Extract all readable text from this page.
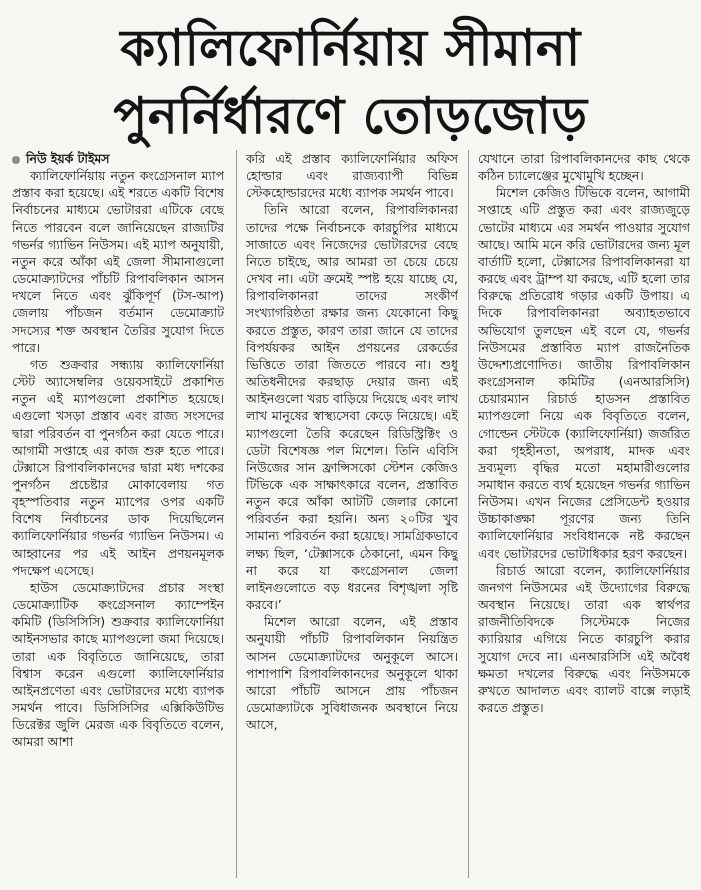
ক্যালিফোর্নিয়ায় সীমানা
পুনর্নির্ধারণে তোড়জোড়
নিউ ইয়র্ক টাইমস

ক্যালিফোর্নিয়ায় নতুন কংগ্রেসনাল ম্যাপ প্রস্তাব করা হয়েছে। এই শরতে একটি বিশেষ নির্বাচনের মাধ্যমে ভোটাররা এটিকে বেছে নিতে পারবেন বলে জানিয়েছেন রাজ্যটির গভর্নর গ্যাভিন নিউসম। এই ম্যাপ অনুযায়ী, নতুন করে আঁকা এই জেলা সীমানাগুলো ডেমোক্র্যাটদের পাঁচটি রিপাবলিকান আসন দখলে নিতে এবং ঝুঁকিপূর্ণ (টস-আপ) জেলায় পাঁচজন বর্তমান ডেমোক্র্যাট সদস্যের শক্ত অবস্থান তৈরির সুযোগ দিতে পারে।

গত শুক্রবার সন্ধ্যায় ক্যালিফোর্নিয়া স্টেট অ্যাসেম্বলির ওয়েবসাইটে প্রকাশিত নতুন এই ম্যাপগুলো প্রকাশিত হয়েছে। এগুলো খসড়া প্রস্তাব এবং রাজ্য সংসদের দ্বারা পরিবর্তন বা পুনর্গঠন করা যেতে পারে। আগামী সপ্তাহে এর কাজ শুরু হতে পারে। টেক্সাসে রিপাবলিকানদের দ্বারা মধ্য দশকের পুনর্গঠন প্রচেষ্টার মোকাবেলায় গত বৃহস্পতিবার নতুন ম্যাপের ওপর একটি বিশেষ নির্বাচনের ডাক দিয়েছিলেন ক্যালিফোর্নিয়ার গভর্নর গ্যাভিন নিউসম। এ আহ্বানের পর এই আইন প্রণয়নমূলক পদক্ষেপ এসেছে।

হাউস ডেমোক্র্যাটদের প্রচার সংস্থা ডেমোক্র্যাটিক কংগ্রেসনাল ক্যাম্পেইন কমিটি (ডিসিসিসি) শুক্রবার ক্যালিফোর্নিয়া আইনসভার কাছে ম্যাপগুলো জমা দিয়েছে। তারা এক বিবৃতিতে জানিয়েছে, তারা বিশ্বাস করেন এগুলো ক্যালিফোর্নিয়ার আইনপ্রণেতা এবং ভোটারদের মধ্যে ব্যাপক সমর্থন পাবে। ডিসিসিসির এক্সিকিউটিভ ডিরেক্টর জুলি মেরজ এক বিবৃতিতে বলেন, আমরা আশা

করি এই প্রস্তাব ক্যালিফোর্নিয়ার অফিস হোল্ডার এবং রাজ্যব্যাপী বিভিন্ন স্টেকহোল্ডারদের মধ্যে ব্যাপক সমর্থন পাবে।

তিনি আরো বলেন, রিপাবলিকানরা তাদের পক্ষে নির্বাচনকে কারচুপির মাধ্যমে সাজাতে এবং নিজেদের ভোটারদের বেছে নিতে চাইছে, আর আমরা তা চেয়ে চেয়ে দেখব না। এটা ক্রমেই স্পষ্ট হয়ে যাচ্ছে যে, রিপাবলিকানরা তাদের সংকীর্ণ সংখ্যাগরিষ্ঠতা রক্ষার জন্য যেকোনো কিছু করতে প্রস্তুত, কারণ তারা জানে যে তাদের বিপর্যয়কর আইন প্রণয়নের রেকর্ডের ভিত্তিতে তারা জিততে পারবে না। শুধু অতিধনীদের করছাড় দেয়ার জন্য এই আইনগুলো খরচ বাড়িয়ে দিয়েছে এবং লাখ লাখ মানুষের স্বাস্থ্যসেবা কেড়ে নিয়েছে। এই ম্যাপগুলো তৈরি করেছেন রিডিস্ট্রিক্টিং ও ডেটা বিশেষজ্ঞ পল মিশেল। তিনি এবিসি নিউজের সান ফ্রান্সিসকো স্টেশন কেজিও টিভিকে এক সাক্ষাৎকারে বলেন, প্রস্তাবিত নতুন করে আঁকা আটটি জেলার কোনো পরিবর্তন করা হয়নি। অন্য ২০টির খুব সামান্য পরিবর্তন করা হয়েছে। সামগ্রিকভাবে লক্ষ্য ছিল, ‘টেক্সাসকে ঠেকানো, এমন কিছু না করে যা কংগ্রেসনাল জেলা লাইনগুলোতে বড় ধরনের বিশৃঙ্খলা সৃষ্টি করবে।’

মিশেল আরো বলেন, এই প্রস্তাব অনুযায়ী পাঁচটি রিপাবলিকান নিয়ন্ত্রিত আসন ডেমোক্র্যাটদের অনুকূলে আসে। পাশাপাশি রিপাবলিকানদের অনুকূলে থাকা আরো পাঁচটি আসনে প্রায় পাঁচজন ডেমোক্র্যাটকে সুবিধাজনক অবস্থানে নিয়ে আসে,

যেখানে তারা রিপাবলিকানদের কাছ থেকে কঠিন চ্যালেঞ্জের মুখোমুখি হচ্ছেন।

মিশেল কেজিও টিভিকে বলেন, আগামী সপ্তাহে এটি প্রস্তুত করা এবং রাজ্যজুড়ে ভোটের মাধ্যমে এর সমর্থন পাওয়ার সুযোগ আছে। আমি মনে করি ভোটারদের জন্য মূল বার্তাটি হলো, টেক্সাসের রিপাবলিকানরা যা করছে এবং ট্রাম্প যা করছে, এটি হলো তার বিরুদ্ধে প্রতিরোধ গড়ার একটি উপায়। এ দিকে রিপাবলিকানরা অব্যাহতভাবে অভিযোগ তুলছেন এই বলে যে, গভর্নর নিউসমের প্রস্তাবিত ম্যাপ রাজনৈতিক উদ্দেশ্যপ্রণোদিত। জাতীয় রিপাবলিকান কংগ্রেসনাল কমিটির (এনআরসিসি) চেয়ারম্যান রিচার্ড হাডসন প্রস্তাবিত ম্যাপগুলো নিয়ে এক বিবৃতিতে বলেন, গোল্ডেন স্টেটকে (ক্যালিফোর্নিয়া) জর্জরিত করা গৃহহীনতা, অপরাধ, মাদক এবং দ্রব্যমূল্য বৃদ্ধির মতো মহামারীগুলোর সমাধান করতে ব্যর্থ হয়েছেন গভর্নর গ্যাভিন নিউসম। এখন নিজের প্রেসিডেন্ট হওয়ার উচ্চাকাঙ্ক্ষা পূরণের জন্য তিনি ক্যালিফোর্নিয়ার সংবিধানকে নষ্ট করছেন এবং ভোটারদের ভোটাধিকার হরণ করছেন।

রিচার্ড আরো বলেন, ক্যালিফোর্নিয়ার জনগণ নিউসমের এই উদ্যোগের বিরুদ্ধে অবস্থান নিয়েছে। তারা এক স্বার্থপর রাজনীতিবিদকে সিস্টেমকে নিজের ক্যারিয়ার এগিয়ে নিতে কারচুপি করার সুযোগ দেবে না। এনআরসিসি এই অবৈধ ক্ষমতা দখলের বিরুদ্ধে এবং নিউসমকে রুখতে আদালত এবং ব্যালট বাক্সে লড়াই করতে প্রস্তুত।
